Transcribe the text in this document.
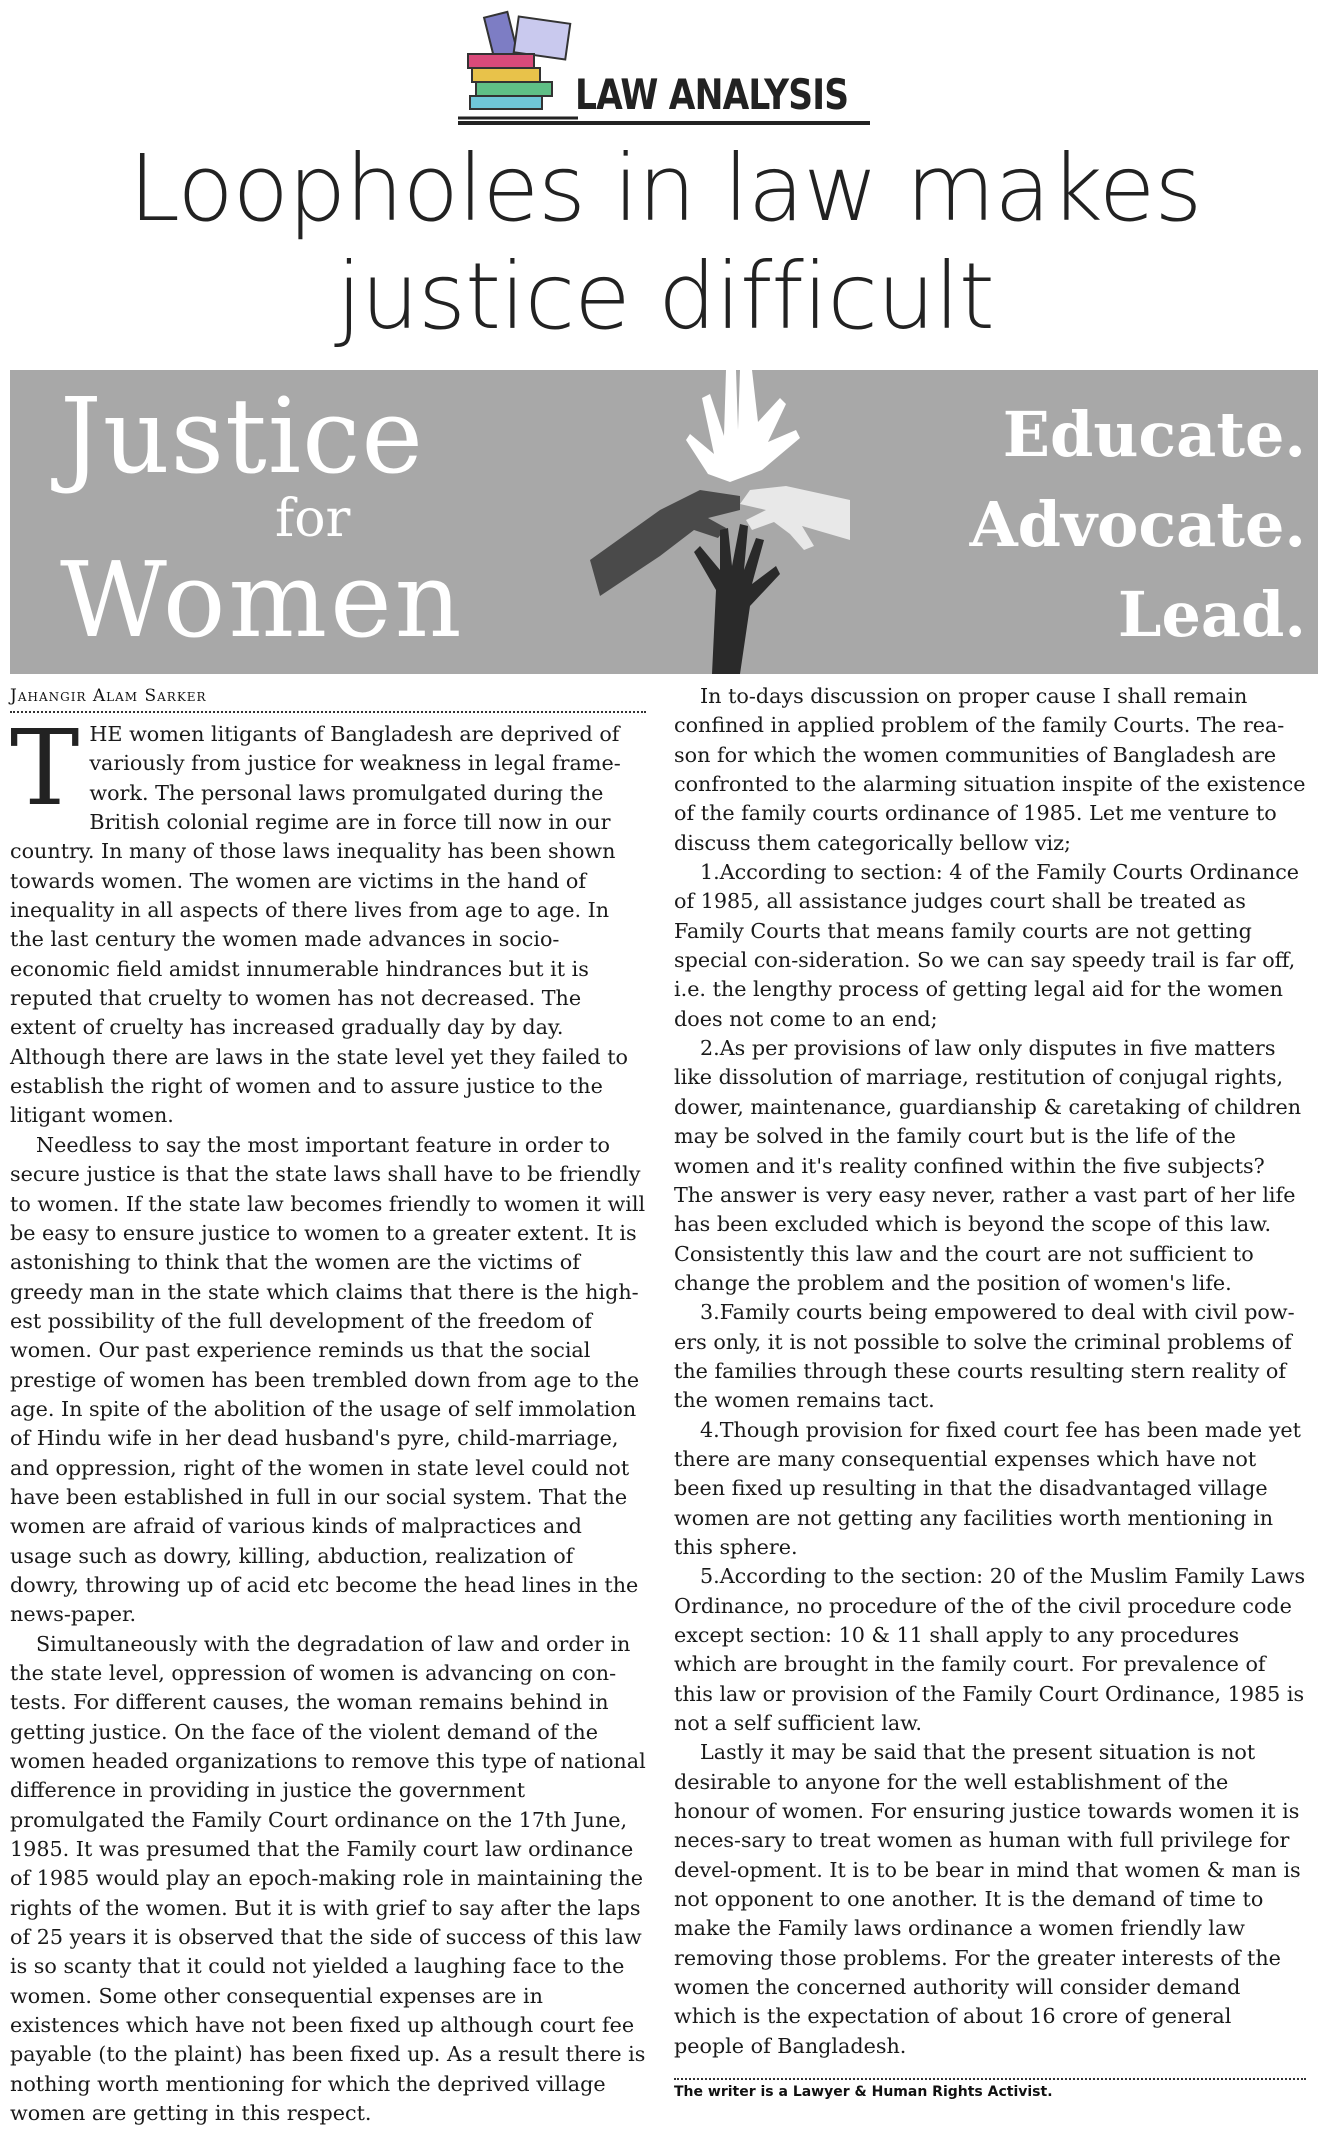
LAW ANALYSIS
Loopholes in law makes
justice difficult
Justice
for
Women
Educate.
Advocate.
Lead.
Jahangir Alam Sarker

THE women litigants of Bangladesh are deprived of variously from justice for weakness in legal frame-work. The personal laws promulgated during the British colonial regime are in force till now in our country. In many of those laws inequality has been shown towards women. The women are victims in the hand of inequality in all aspects of there lives from age to age. In the last century the women made advances in socio-economic field amidst innumerable hindrances but it is reputed that cruelty to women has not decreased. The extent of cruelty has increased gradually day by day. Although there are laws in the state level yet they failed to establish the right of women and to assure justice to the litigant women.

Needless to say the most important feature in order to secure justice is that the state laws shall have to be friendly to women. If the state law becomes friendly to women it will be easy to ensure justice to women to a greater extent. It is astonishing to think that the women are the victims of greedy man in the state which claims that there is the high-est possibility of the full development of the freedom of women. Our past experience reminds us that the social prestige of women has been trembled down from age to the age. In spite of the abolition of the usage of self immolation of Hindu wife in her dead husband's pyre, child-marriage, and oppression, right of the women in state level could not have been established in full in our social system. That the women are afraid of various kinds of malpractices and usage such as dowry, killing, abduction, realization of dowry, throwing up of acid etc become the head lines in the news-paper.

Simultaneously with the degradation of law and order in the state level, oppression of women is advancing on con-tests. For different causes, the woman remains behind in getting justice. On the face of the violent demand of the women headed organizations to remove this type of national difference in providing in justice the government promulgated the Family Court ordinance on the 17th June, 1985. It was presumed that the Family court law ordinance of 1985 would play an epoch-making role in maintaining the rights of the women. But it is with grief to say after the laps of 25 years it is observed that the side of success of this law is so scanty that it could not yielded a laughing face to the women. Some other consequential expenses are in existences which have not been fixed up although court fee payable (to the plaint) has been fixed up. As a result there is nothing worth mentioning for which the deprived village women are getting in this respect.

In to-days discussion on proper cause I shall remain confined in applied problem of the family Courts. The rea-son for which the women communities of Bangladesh are confronted to the alarming situation inspite of the existence of the family courts ordinance of 1985. Let me venture to discuss them categorically bellow viz;

1.According to section: 4 of the Family Courts Ordinance of 1985, all assistance judges court shall be treated as Family Courts that means family courts are not getting special con-sideration. So we can say speedy trail is far off, i.e. the lengthy process of getting legal aid for the women does not come to an end;

2.As per provisions of law only disputes in five matters like dissolution of marriage, restitution of conjugal rights, dower, maintenance, guardianship & caretaking of children may be solved in the family court but is the life of the women and it's reality confined within the five subjects? The answer is very easy never, rather a vast part of her life has been excluded which is beyond the scope of this law. Consistently this law and the court are not sufficient to change the problem and the position of women's life.

3.Family courts being empowered to deal with civil pow-ers only, it is not possible to solve the criminal problems of the families through these courts resulting stern reality of the women remains tact.

4.Though provision for fixed court fee has been made yet there are many consequential expenses which have not been fixed up resulting in that the disadvantaged village women are not getting any facilities worth mentioning in this sphere.

5.According to the section: 20 of the Muslim Family Laws Ordinance, no procedure of the of the civil procedure code except section: 10 & 11 shall apply to any procedures which are brought in the family court. For prevalence of this law or provision of the Family Court Ordinance, 1985 is not a self sufficient law.

Lastly it may be said that the present situation is not desirable to anyone for the well establishment of the honour of women. For ensuring justice towards women it is neces-sary to treat women as human with full privilege for devel-opment. It is to be bear in mind that women & man is not opponent to one another. It is the demand of time to make the Family laws ordinance a women friendly law removing those problems. For the greater interests of the women the concerned authority will consider demand which is the expectation of about 16 crore of general people of Bangladesh.

The writer is a Lawyer & Human Rights Activist.
